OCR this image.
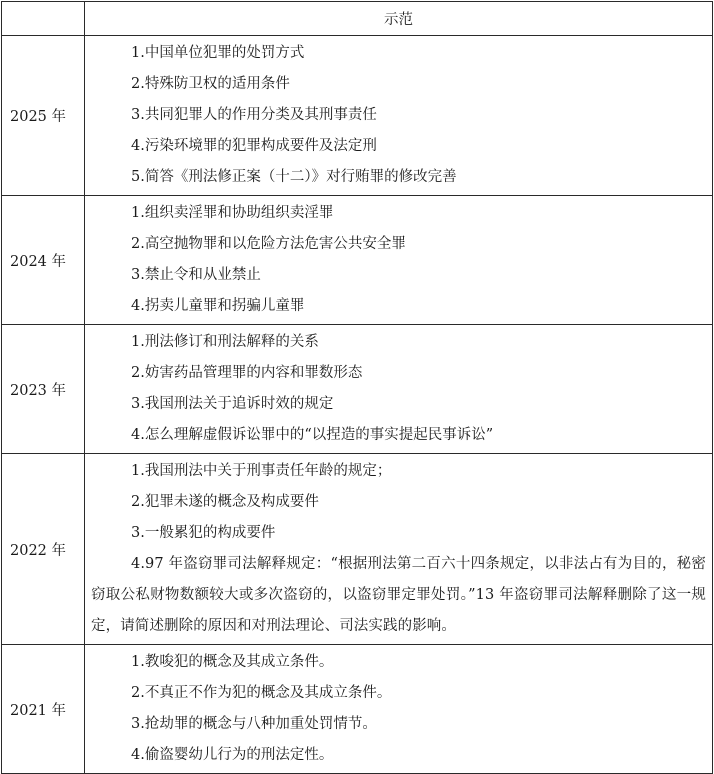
	示范
2025 年	1.中国单位犯罪的处罚方式
2.特殊防卫权的适用条件
3.共同犯罪人的作用分类及其刑事责任
4.污染环境罪的犯罪构成要件及法定刑
5.简答《刑法修正案（十二）》对行贿罪的修改完善

2024 年	1.组织卖淫罪和协助组织卖淫罪
2.高空抛物罪和以危险方法危害公共安全罪
3.禁止令和从业禁止
4.拐卖儿童罪和拐骗儿童罪

2023 年	1.刑法修订和刑法解释的关系
2.妨害药品管理罪的内容和罪数形态
3.我国刑法关于追诉时效的规定
4.怎么理解虚假诉讼罪中的“以捏造的事实提起民事诉讼”

2022 年	1.我国刑法中关于刑事责任年龄的规定；
2.犯罪未遂的概念及构成要件
3.一般累犯的构成要件
4.97 年盗窃罪司法解释规定：“根据刑法第二百六十四条规定，以非法占有为目的，秘密窃取公私财物数额较大或多次盗窃的，以盗窃罪定罪处罚。”13 年盗窃罪司法解释删除了这一规定，请简述删除的原因和对刑法理论、司法实践的影响。

2021 年	1.教唆犯的概念及其成立条件。
2.不真正不作为犯的概念及其成立条件。
3.抢劫罪的概念与八种加重处罚情节。
4.偷盗婴幼儿行为的刑法定性。
